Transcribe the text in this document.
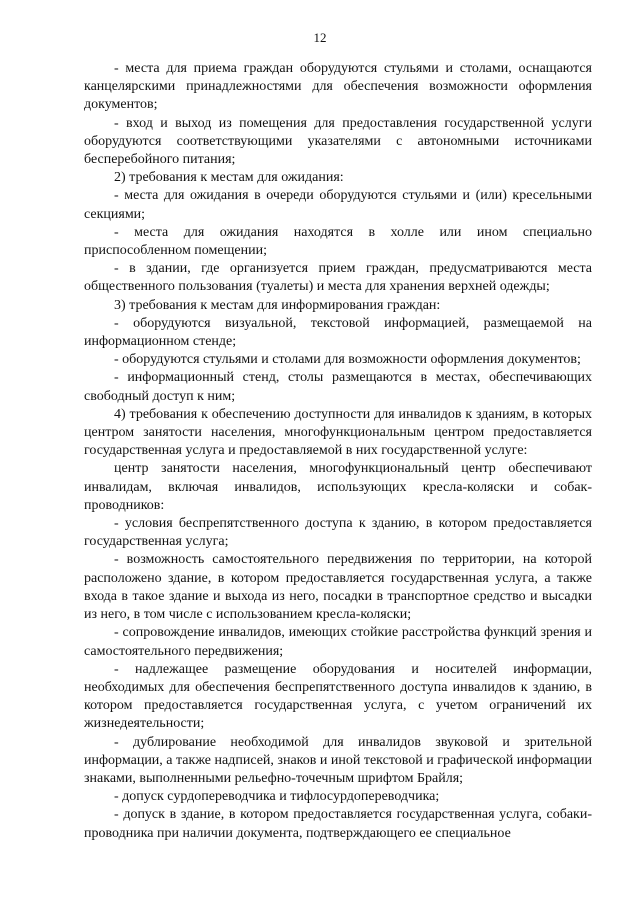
12

- места для приема граждан оборудуются стульями и столами, оснащаются канцелярскими принадлежностями для обеспечения возможности оформления документов;

- вход и выход из помещения для предоставления государственной услуги оборудуются соответствующими указателями с автономными источниками бесперебойного питания;

2) требования к местам для ожидания:

- места для ожидания в очереди оборудуются стульями и (или) кресельными секциями;

- места для ожидания находятся в холле или ином специально приспособленном помещении;

- в здании, где организуется прием граждан, предусматриваются места общественного пользования (туалеты) и места для хранения верхней одежды;

3) требования к местам для информирования граждан:

- оборудуются визуальной, текстовой информацией, размещаемой на информационном стенде;

- оборудуются стульями и столами для возможности оформления документов;

- информационный стенд, столы размещаются в местах, обеспечивающих свободный доступ к ним;

4) требования к обеспечению доступности для инвалидов к зданиям, в которых центром занятости населения, многофункциональным центром предоставляется государственная услуга и предоставляемой в них государственной услуге:

центр занятости населения, многофункциональный центр обеспечивают инвалидам, включая инвалидов, использующих кресла-коляски и собак-проводников:

- условия беспрепятственного доступа к зданию, в котором предоставляется государственная услуга;

- возможность самостоятельного передвижения по территории, на которой расположено здание, в котором предоставляется государственная услуга, а также входа в такое здание и выхода из него, посадки в транспортное средство и высадки из него, в том числе с использованием кресла-коляски;

- сопровождение инвалидов, имеющих стойкие расстройства функций зрения и самостоятельного передвижения;

- надлежащее размещение оборудования и носителей информации, необходимых для обеспечения беспрепятственного доступа инвалидов к зданию, в котором предоставляется государственная услуга, с учетом ограничений их жизнедеятельности;

- дублирование необходимой для инвалидов звуковой и зрительной информации, а также надписей, знаков и иной текстовой и графической информации знаками, выполненными рельефно-точечным шрифтом Брайля;

- допуск сурдопереводчика и тифлосурдопереводчика;

- допуск в здание, в котором предоставляется государственная услуга, собаки-проводника при наличии документа, подтверждающего ее специальное
